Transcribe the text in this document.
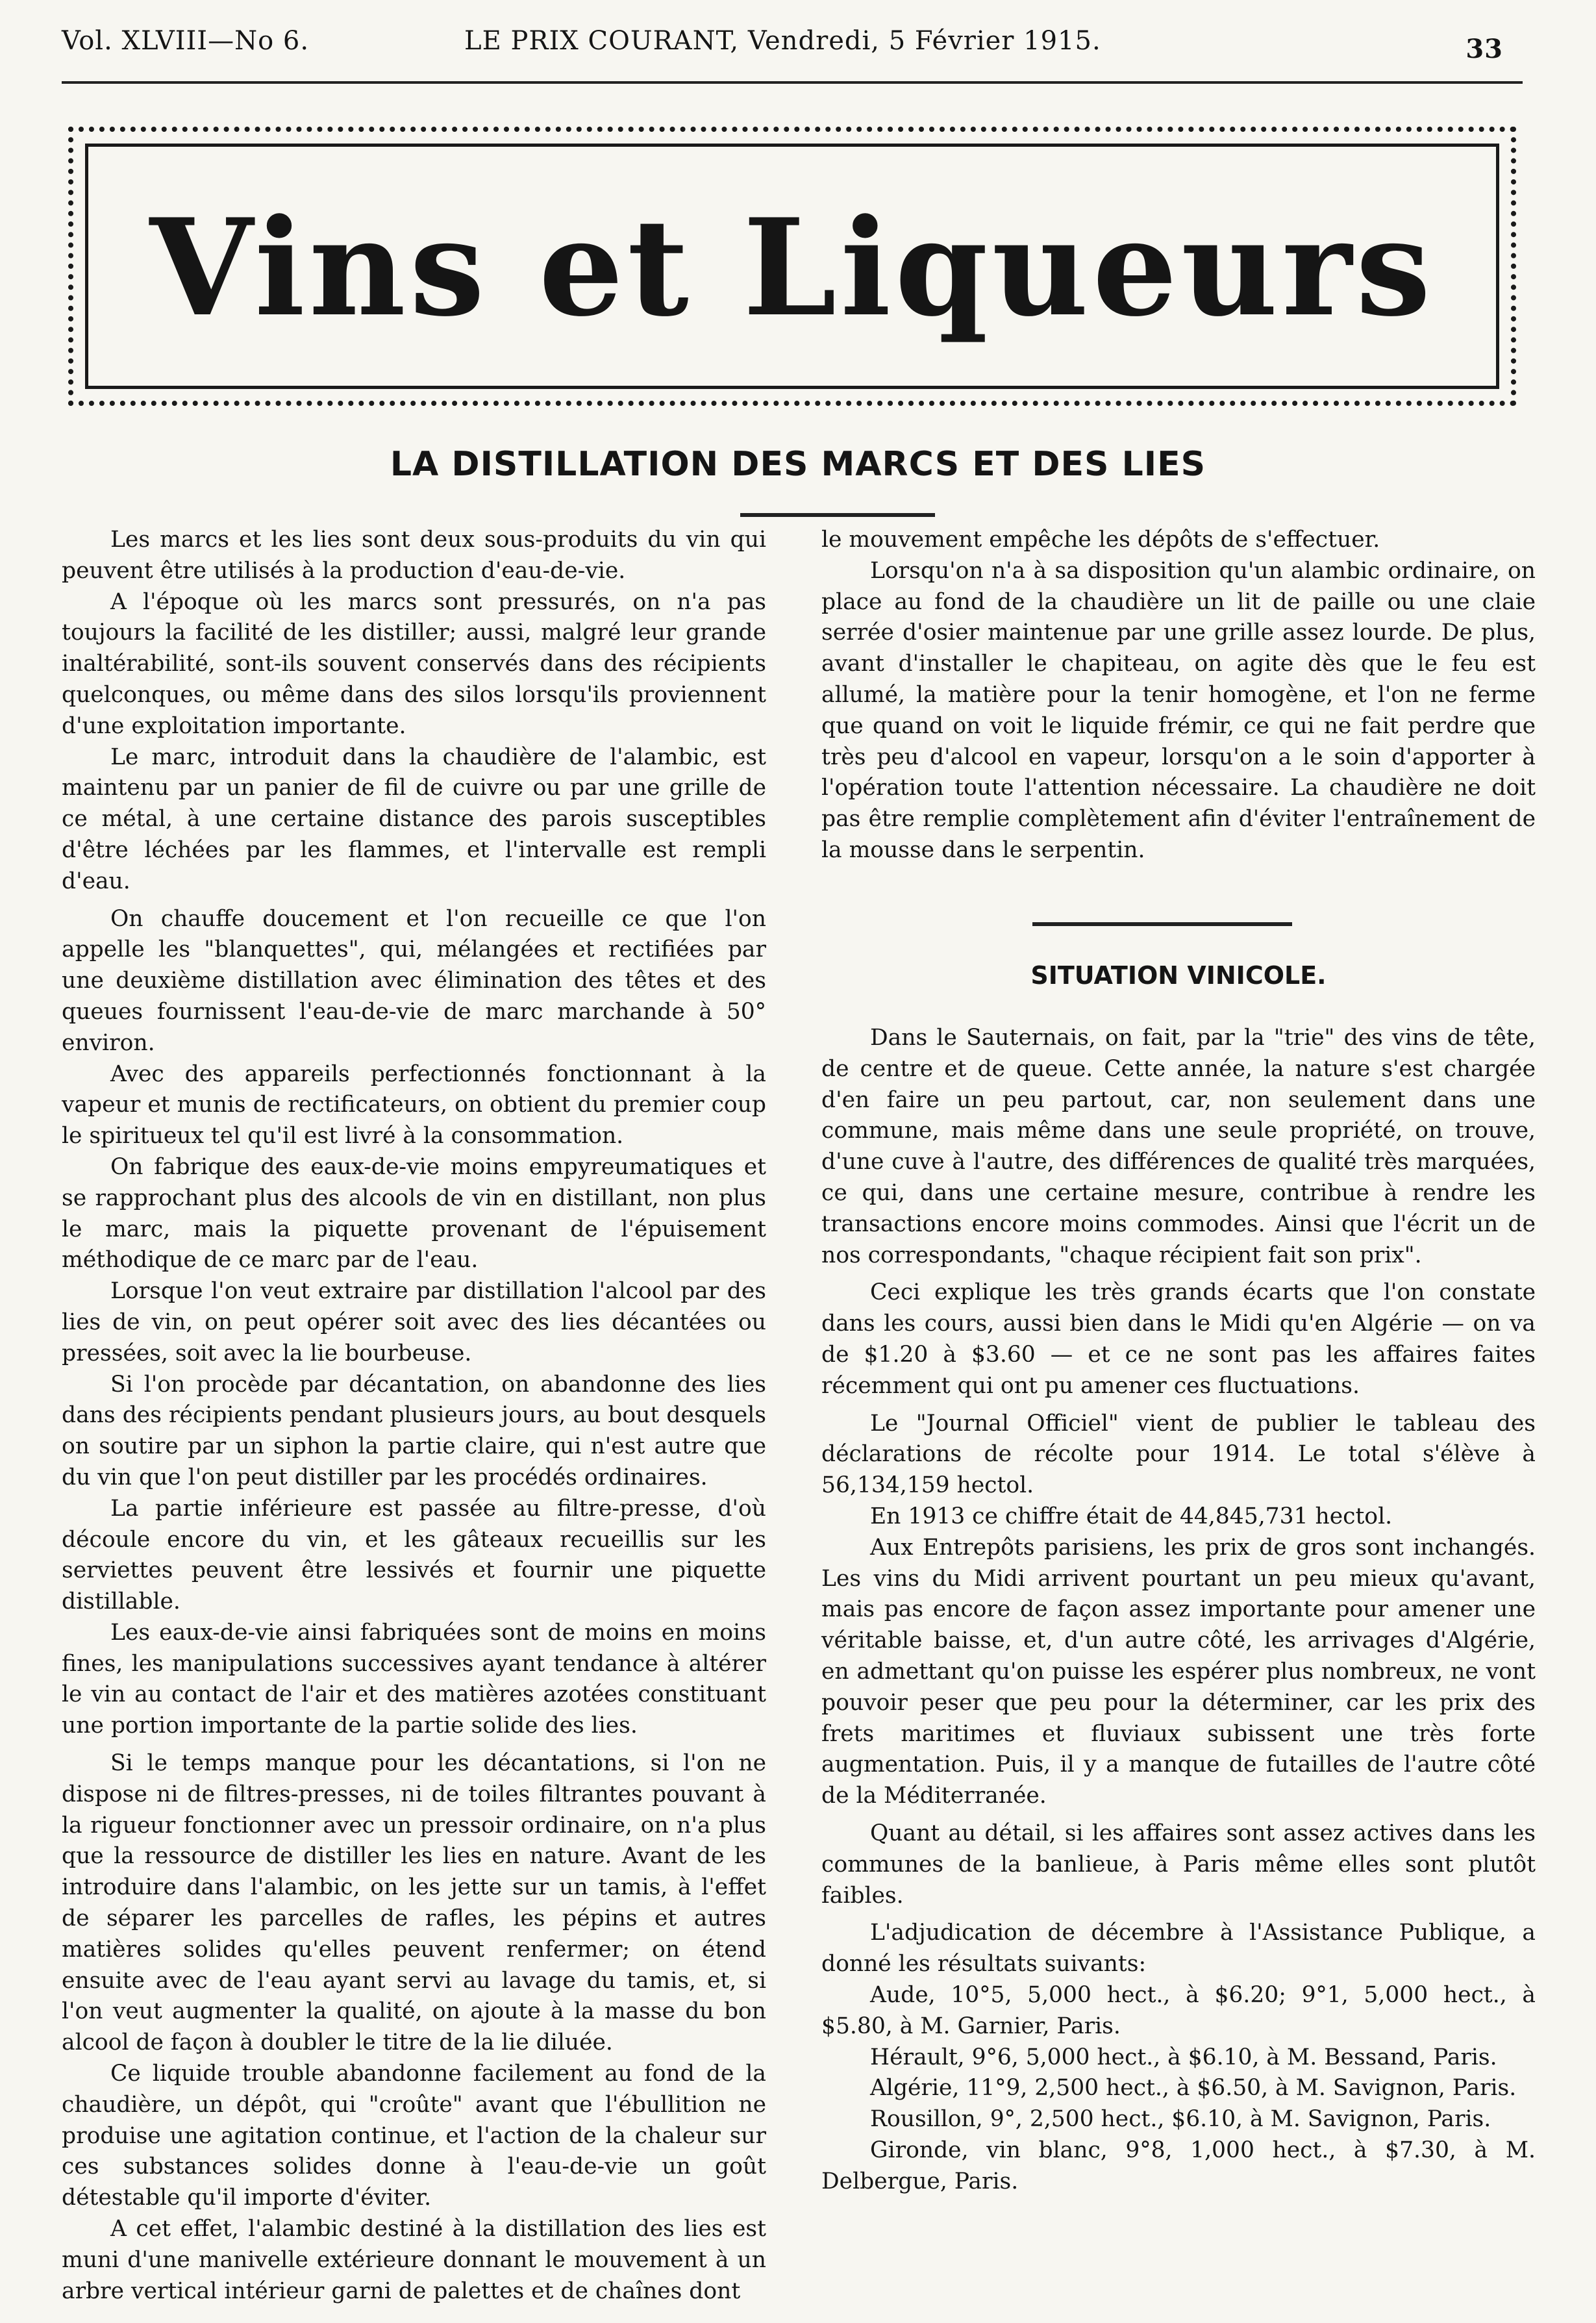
Vol. XLVIII—No 6.	LE PRIX COURANT, Vendredi, 5 Février 1915.	33
Vins et Liqueurs
LA DISTILLATION DES MARCS ET DES LIES

Les marcs et les lies sont deux sous-produits du vin qui peuvent être utilisés à la production d'eau-de-vie.

A l'époque où les marcs sont pressurés, on n'a pas toujours la facilité de les distiller; aussi, malgré leur grande inaltérabilité, sont-ils souvent conservés dans des récipients quelconques, ou même dans des silos lorsqu'ils proviennent d'une exploitation importante.

Le marc, introduit dans la chaudière de l'alambic, est maintenu par un panier de fil de cuivre ou par une grille de ce métal, à une certaine distance des parois susceptibles d'être léchées par les flammes, et l'intervalle est rempli d'eau.

On chauffe doucement et l'on recueille ce que l'on appelle les "blanquettes", qui, mélangées et rectifiées par une deuxième distillation avec élimination des têtes et des queues fournissent l'eau-de-vie de marc marchande à 50° environ.

Avec des appareils perfectionnés fonctionnant à la vapeur et munis de rectificateurs, on obtient du premier coup le spiritueux tel qu'il est livré à la consommation.

On fabrique des eaux-de-vie moins empyreumatiques et se rapprochant plus des alcools de vin en distillant, non plus le marc, mais la piquette provenant de l'épuisement méthodique de ce marc par de l'eau.

Lorsque l'on veut extraire par distillation l'alcool par des lies de vin, on peut opérer soit avec des lies décantées ou pressées, soit avec la lie bourbeuse.

Si l'on procède par décantation, on abandonne des lies dans des récipients pendant plusieurs jours, au bout desquels on soutire par un siphon la partie claire, qui n'est autre que du vin que l'on peut distiller par les procédés ordinaires.

La partie inférieure est passée au filtre-presse, d'où découle encore du vin, et les gâteaux recueillis sur les serviettes peuvent être lessivés et fournir une piquette distillable.

Les eaux-de-vie ainsi fabriquées sont de moins en moins fines, les manipulations successives ayant tendance à altérer le vin au contact de l'air et des matières azotées constituant une portion importante de la partie solide des lies.

Si le temps manque pour les décantations, si l'on ne dispose ni de filtres-presses, ni de toiles filtrantes pouvant à la rigueur fonctionner avec un pressoir ordinaire, on n'a plus que la ressource de distiller les lies en nature. Avant de les introduire dans l'alambic, on les jette sur un tamis, à l'effet de séparer les parcelles de rafles, les pépins et autres matières solides qu'elles peuvent renfermer; on étend ensuite avec de l'eau ayant servi au lavage du tamis, et, si l'on veut augmenter la qualité, on ajoute à la masse du bon alcool de façon à doubler le titre de la lie diluée.

Ce liquide trouble abandonne facilement au fond de la chaudière, un dépôt, qui "croûte" avant que l'ébullition ne produise une agitation continue, et l'action de la chaleur sur ces substances solides donne à l'eau-de-vie un goût détestable qu'il importe d'éviter.

A cet effet, l'alambic destiné à la distillation des lies est muni d'une manivelle extérieure donnant le mouvement à un arbre vertical intérieur garni de palettes et de chaînes dont

le mouvement empêche les dépôts de s'effectuer.

Lorsqu'on n'a à sa disposition qu'un alambic ordinaire, on place au fond de la chaudière un lit de paille ou une claie serrée d'osier maintenue par une grille assez lourde. De plus, avant d'installer le chapiteau, on agite dès que le feu est allumé, la matière pour la tenir homogène, et l'on ne ferme que quand on voit le liquide frémir, ce qui ne fait perdre que très peu d'alcool en vapeur, lorsqu'on a le soin d'apporter à l'opération toute l'attention nécessaire. La chaudière ne doit pas être remplie complètement afin d'éviter l'entraînement de la mousse dans le serpentin.

SITUATION VINICOLE.

Dans le Sauternais, on fait, par la "trie" des vins de tête, de centre et de queue. Cette année, la nature s'est chargée d'en faire un peu partout, car, non seulement dans une commune, mais même dans une seule propriété, on trouve, d'une cuve à l'autre, des différences de qualité très marquées, ce qui, dans une certaine mesure, contribue à rendre les transactions encore moins commodes. Ainsi que l'écrit un de nos correspondants, "chaque récipient fait son prix".

Ceci explique les très grands écarts que l'on constate dans les cours, aussi bien dans le Midi qu'en Algérie — on va de $1.20 à $3.60 — et ce ne sont pas les affaires faites récemment qui ont pu amener ces fluctuations.

Le "Journal Officiel" vient de publier le tableau des déclarations de récolte pour 1914. Le total s'élève à 56,134,159 hectol.

En 1913 ce chiffre était de 44,845,731 hectol.

Aux Entrepôts parisiens, les prix de gros sont inchangés. Les vins du Midi arrivent pourtant un peu mieux qu'avant, mais pas encore de façon assez importante pour amener une véritable baisse, et, d'un autre côté, les arrivages d'Algérie, en admettant qu'on puisse les espérer plus nombreux, ne vont pouvoir peser que peu pour la déterminer, car les prix des frets maritimes et fluviaux subissent une très forte augmentation. Puis, il y a manque de futailles de l'autre côté de la Méditerranée.

Quant au détail, si les affaires sont assez actives dans les communes de la banlieue, à Paris même elles sont plutôt faibles.

L'adjudication de décembre à l'Assistance Publique, a donné les résultats suivants:

Aude, 10°5, 5,000 hect., à $6.20; 9°1, 5,000 hect., à $5.80, à M. Garnier, Paris.

Hérault, 9°6, 5,000 hect., à $6.10, à M. Bessand, Paris.

Algérie, 11°9, 2,500 hect., à $6.50, à M. Savignon, Paris.

Rousillon, 9°, 2,500 hect., $6.10, à M. Savignon, Paris.

Gironde, vin blanc, 9°8, 1,000 hect., à $7.30, à M. Delbergue, Paris.
